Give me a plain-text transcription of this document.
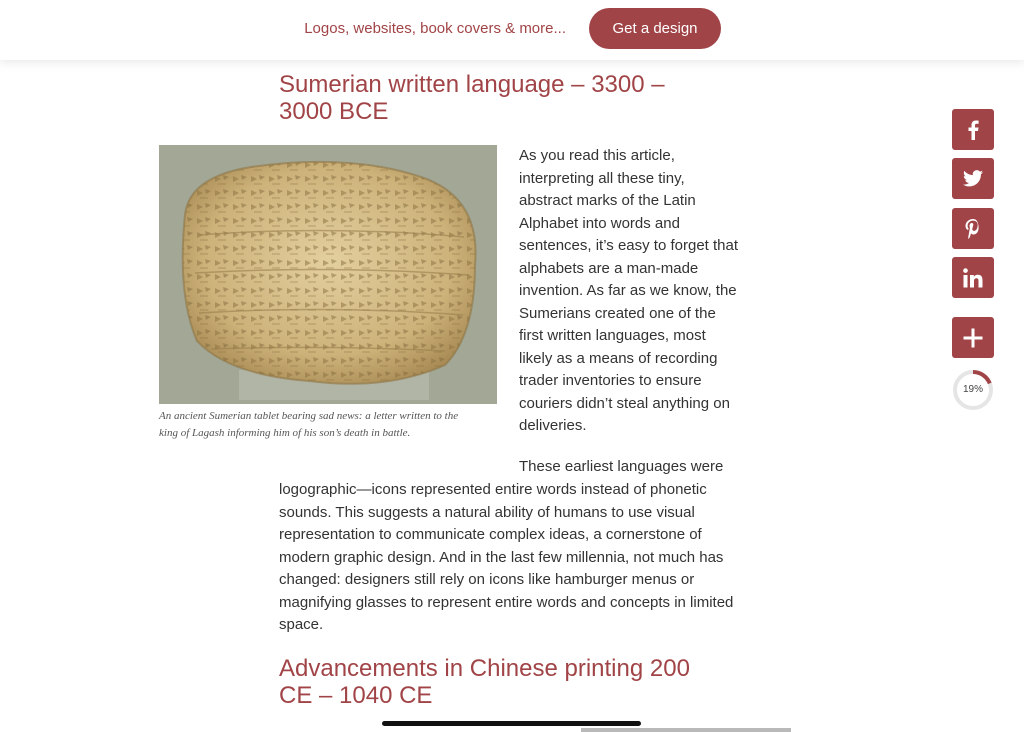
Logos, websites, book covers & more...	Get a design
Sumerian written language – 3300 –
3000 BCE
An ancient Sumerian tablet bearing sad news: a letter written to the
king of Lagash informing him of his son’s death in battle.

As you read this article,
interpreting all these tiny,
abstract marks of the Latin
Alphabet into words and
sentences, it’s easy to forget that
alphabets are a man-made
invention. As far as we know, the
Sumerians created one of the
first written languages, most
likely as a means of recording
trader inventories to ensure
couriers didn’t steal anything on
deliveries.

These earliest languages were

logographic—icons represented entire words instead of phonetic
sounds. This suggests a natural ability of humans to use visual
representation to communicate complex ideas, a cornerstone of
modern graphic design. And in the last few millennia, not much has
changed: designers still rely on icons like hamburger menus or
magnifying glasses to represent entire words and concepts in limited
space.

Advancements in Chinese printing 200
CE – 1040 CE
19%
